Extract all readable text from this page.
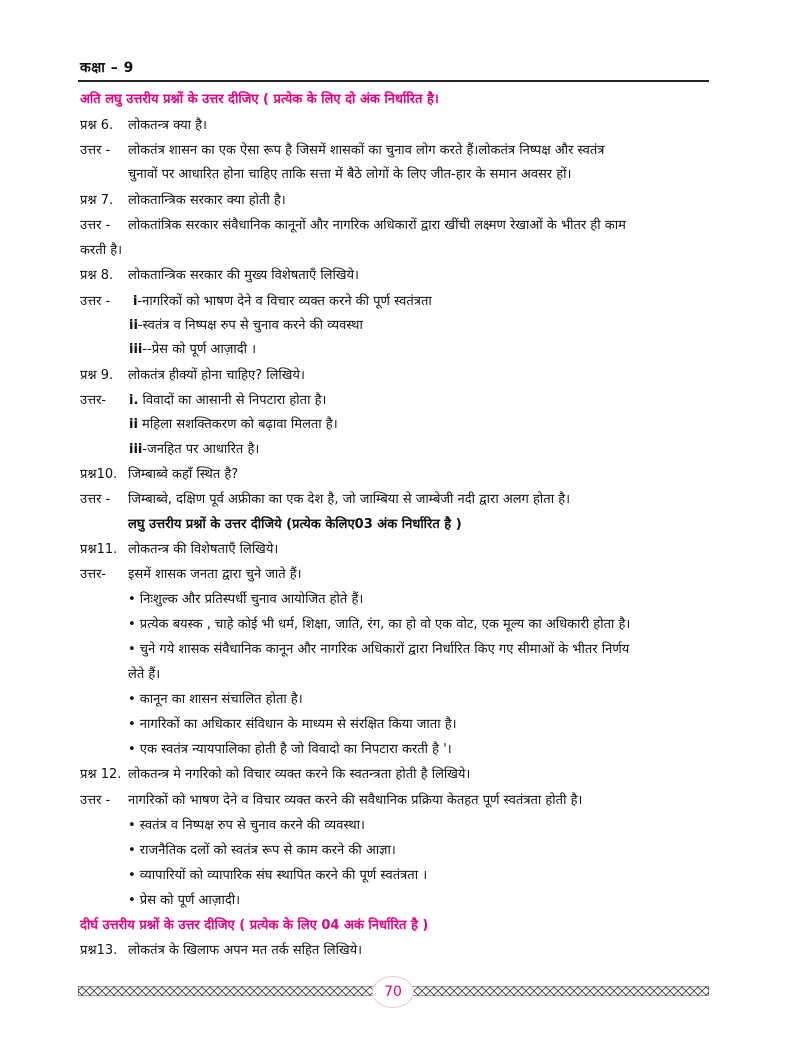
कक्षा – 9
अति लघु उत्तरीय प्रश्नों के उत्तर दीजिए ( प्रत्येक के लिए दो अंक निर्धारित है।
प्रश्न 6. लोकतन्त्र क्या है।
उत्तर - लोकतंत्र शासन का एक ऐसा रूप है जिसमें शासकों का चुनाव लोग करते हैं।लोकतंत्र निष्पक्ष और स्वतंत्र
चुनावों पर आधारित होना चाहिए ताकि सत्ता में बैठे लोगों के लिए जीत-हार के समान अवसर हों।
प्रश्न 7. लोकतान्त्रिक सरकार क्या होती है।
उत्तर - लोकतांत्रिक सरकार संवैधानिक कानूनों और नागरिक अधिकारों द्वारा खींची लक्ष्मण रेखाओं के भीतर ही काम
करती है।
प्रश्न 8. लोकतान्त्रिक सरकार की मुख्य विशेषताएँ लिखिये।
उत्तर - i-नागरिकों को भाषण देने व विचार व्यक्त करने की पूर्ण स्वतंत्रता
ii-स्वतंत्र व निष्पक्ष रुप से चुनाव करने की व्यवस्था
iii--प्रेस को पूर्ण आज़ादी ।
प्रश्न 9. लोकतंत्र हीक्यों होना चाहिए? लिखिये।
उत्तर- i. विवादों का आसानी से निपटारा होता है।
ii महिला सशक्तिकरण को बढ़ावा मिलता है।
iii-जनहित पर आधारित है।
प्रश्न10. जिम्बाब्वे कहाँ स्थित है?
उत्तर - जिम्बाब्वे, दक्षिण पूर्व अफ्रीका का एक देश है, जो जाम्बिया से जाम्बेजी नदी द्वारा अलग होता है।
लघु उत्तरीय प्रश्नों के उत्तर दीजिये (प्रत्येक केलिए03 अंक निर्धारित है )
प्रश्न11. लोकतन्त्र की विशेषताएँ लिखिये।
उत्तर- इसमें शासक जनता द्वारा चुने जाते हैं।
• निःशुल्क और प्रतिस्पर्धी चुनाव आयोजित होते हैं।
• प्रत्येक बयस्क , चाहे कोई भी धर्म, शिक्षा, जाति, रंग, का हो वो एक वोट, एक मूल्य का अधिकारी होता है।
• चुने गये शासक संवैधानिक कानून और नागरिक अधिकारों द्वारा निर्धारित किए गए सीमाओं के भीतर निर्णय
लेते हैं।
• कानून का शासन संचालित होता है।
• नागरिकों का अधिकार संविधान के माध्यम से संरक्षित किया जाता है।
• एक स्वतंत्र न्यायपालिका होती है जो विवादो का निपटारा करती है '।
प्रश्न 12. लोकतन्त्र मे नगरिको को विचार व्यक्त करने कि स्वतन्त्रता होती है लिखिये।
उत्तर - नागरिकों को भाषण देने व विचार व्यक्त करने की सवैधानिक प्रक्रिया केतहत पूर्ण स्वतंत्रता होती है।
• स्वतंत्र व निष्पक्ष रुप से चुनाव करने की व्यवस्था।
• राजनैतिक दलों को स्वतंत्र रूप से काम करने की आज्ञा।
• व्यापारियों को व्यापारिक संघ स्थापित करने की पूर्ण स्वतंत्रता ।
• प्रेस को पूर्ण आज़ादी।
दीर्घ उत्तरीय प्रश्नों के उत्तर दीजिए ( प्रत्येक के लिए 04 अकं निर्धारित है )
प्रश्न13. लोकतंत्र के खिलाफ अपन मत तर्क सहित लिखिये।
70
